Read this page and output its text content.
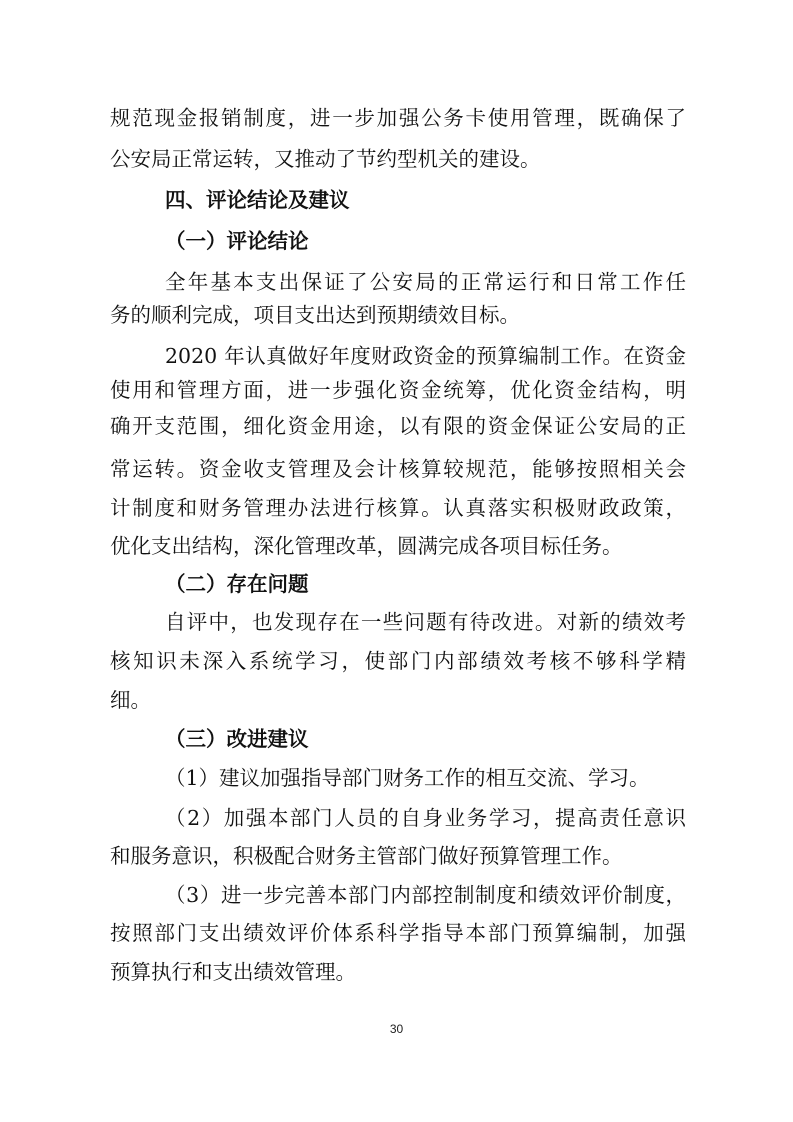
规范现金报销制度，进一步加强公务卡使用管理，既确保了
公安局正常运转，又推动了节约型机关的建设。
四、评论结论及建议
（一）评论结论
全年基本支出保证了公安局的正常运行和日常工作任
务的顺利完成，项目支出达到预期绩效目标。
2020 年认真做好年度财政资金的预算编制工作。在资金
使用和管理方面，进一步强化资金统筹，优化资金结构，明
确开支范围，细化资金用途，以有限的资金保证公安局的正
常运转。资金收支管理及会计核算较规范，能够按照相关会
计制度和财务管理办法进行核算。认真落实积极财政政策，
优化支出结构，深化管理改革，圆满完成各项目标任务。
（二）存在问题
自评中，也发现存在一些问题有待改进。对新的绩效考
核知识未深入系统学习，使部门内部绩效考核不够科学精
细。
（三）改进建议
（1）建议加强指导部门财务工作的相互交流、学习。
（2）加强本部门人员的自身业务学习，提高责任意识
和服务意识，积极配合财务主管部门做好预算管理工作。
（3）进一步完善本部门内部控制制度和绩效评价制度，
按照部门支出绩效评价体系科学指导本部门预算编制，加强
预算执行和支出绩效管理。
30
